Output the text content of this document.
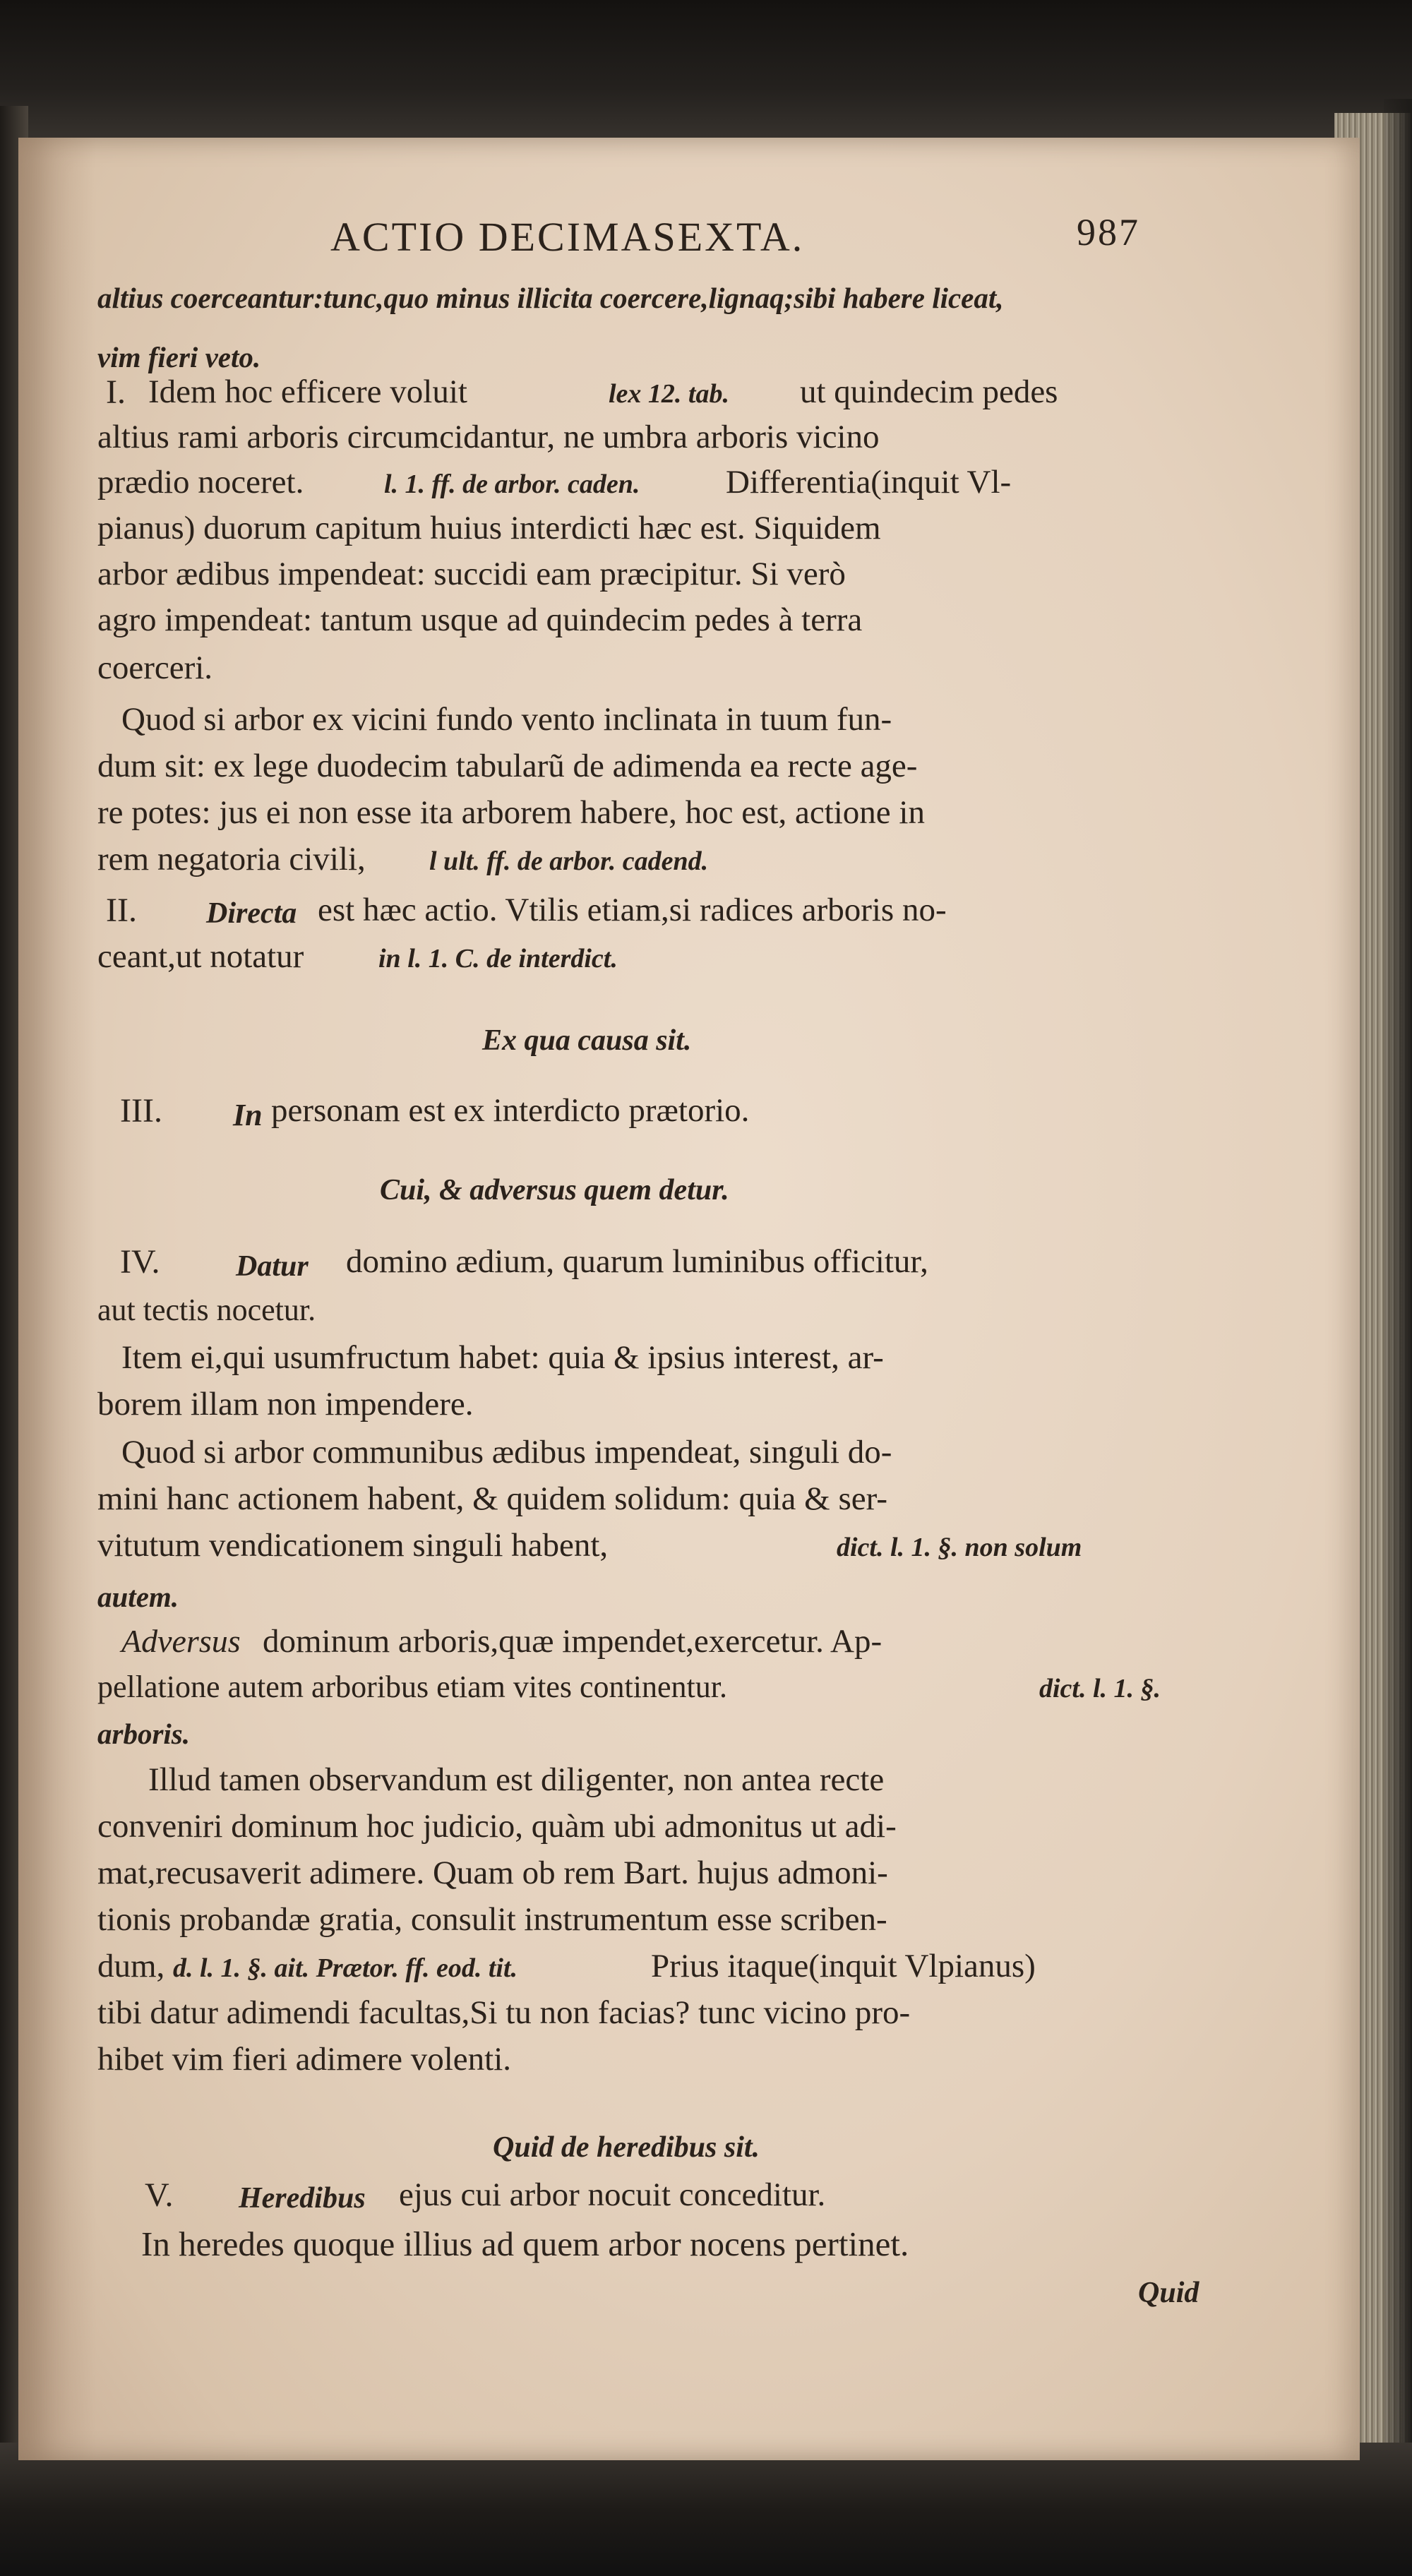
ACTIO DECIMASEXTA.	987
altius coerceantur:tunc,quo minus illicita coercere,lignaq;sibi habere liceat,
vim fieri veto.
I. Idem hoc efficere voluit	lex 12. tab. ut quindecim pedes
altius rami arboris circumcidantur, ne umbra arboris vicino
prædio noceret.	l. 1. ff. de arbor. caden.	Differentia(inquit Vl-
pianus) duorum capitum huius interdicti hæc est. Siquidem
arbor ædibus impendeat: succidi eam præcipitur. Si verò
agro impendeat: tantum usque ad quindecim pedes à terra
coerceri.
Quod si arbor ex vicini fundo vento inclinata in tuum fun-
dum sit: ex lege duodecim tabularũ de adimenda ea recte age-
re potes: jus ei non esse ita arborem habere, hoc est, actione in
rem negatoria civili, l ult. ff. de arbor. cadend.
II. Directa est hæc actio. Vtilis etiam,si radices arboris no-
ceant,ut notatur	in l. 1. C. de interdict.
Ex qua causa sit.
III. In personam est ex interdicto prætorio.
Cui, & adversus quem detur.
IV.	Datur domino ædium, quarum luminibus officitur,
aut tectis nocetur.
Item ei,qui usumfructum habet: quia & ipsius interest, ar-
borem illam non impendere.
Quod si arbor communibus ædibus impendeat, singuli do-
mini hanc actionem habent, & quidem solidum: quia & ser-
vitutum vendicationem singuli habent,	dict. l. 1. §. non solum
autem.
Adversus dominum arboris,quæ impendet,exercetur. Ap-
pellatione autem arboribus etiam vites continentur.	dict. l. 1. §.
arboris.
Illud tamen observandum est diligenter, non antea recte
conveniri dominum hoc judicio, quàm ubi admonitus ut adi-
mat,recusaverit adimere. Quam ob rem Bart. hujus admoni-
tionis probandæ gratia, consulit instrumentum esse scriben-
dum, d. l. 1. §. ait. Prætor. ff. eod. tit.	Prius itaque(inquit Vlpianus)
tibi datur adimendi facultas,Si tu non facias? tunc vicino pro-
hibet vim fieri adimere volenti.
Quid de heredibus sit.
V. Heredibus ejus cui arbor nocuit conceditur.
In heredes quoque illius ad quem arbor nocens pertinet.
Quid
